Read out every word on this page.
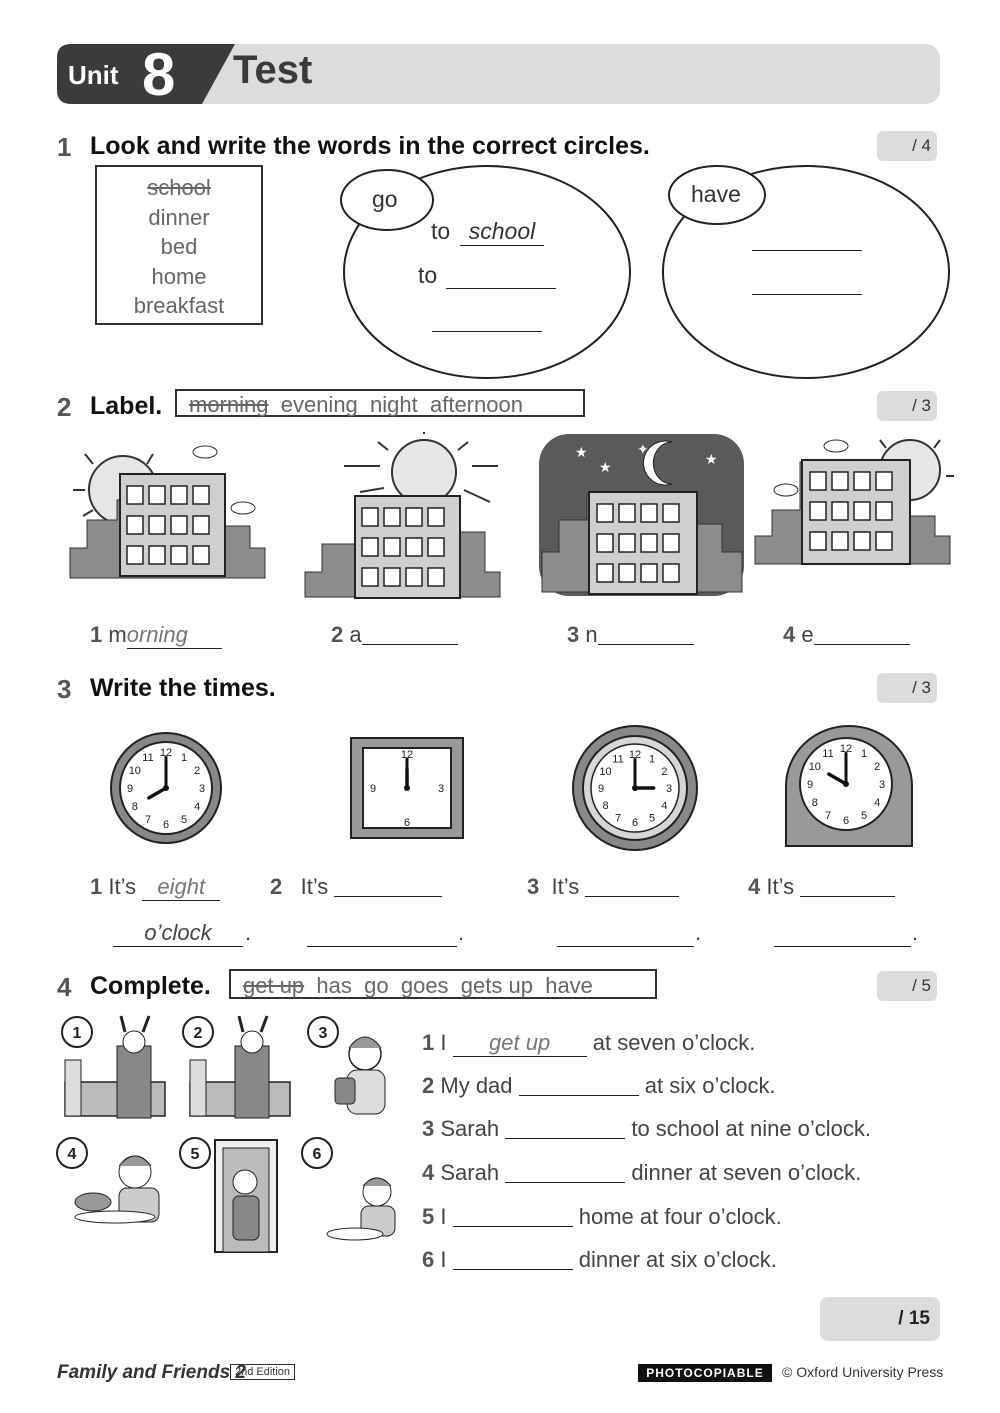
Unit 8 Test
1 Look and write the words in the correct circles.	/ 4
school
dinner
bed
home
breakfast
go
to school
to
have
2 Label.	morning evening night afternoon	/ 3
★
★	★
✦
1 morning	2 a	3 n	4 e
3 Write the times.	/ 3
12 1
2
3
4
5
6
7
8
9
10
11	12
3
6
9
12 1
2
3
4
5
6
7
8
9
10
11
12 1
2
3
4
5
6
7
8
9
10
11
1 It’s eight
o’clock	.
2 It’s
.
3 It’s
.
4 It’s
.
4 Complete.	get up has go goes gets up have	/ 5
1	2	3
4	5	6
1 I get up at seven o’clock.
2 My dad	at six o’clock.
3 Sarah	to school at nine o’clock.
4 Sarah	dinner at seven o’clock.
5 I	home at four o’clock.
6 I	dinner at six o’clock.
/ 15
Family and Friends 2
2nd Edition	PHOTOCOPIABLE	© Oxford University Press
